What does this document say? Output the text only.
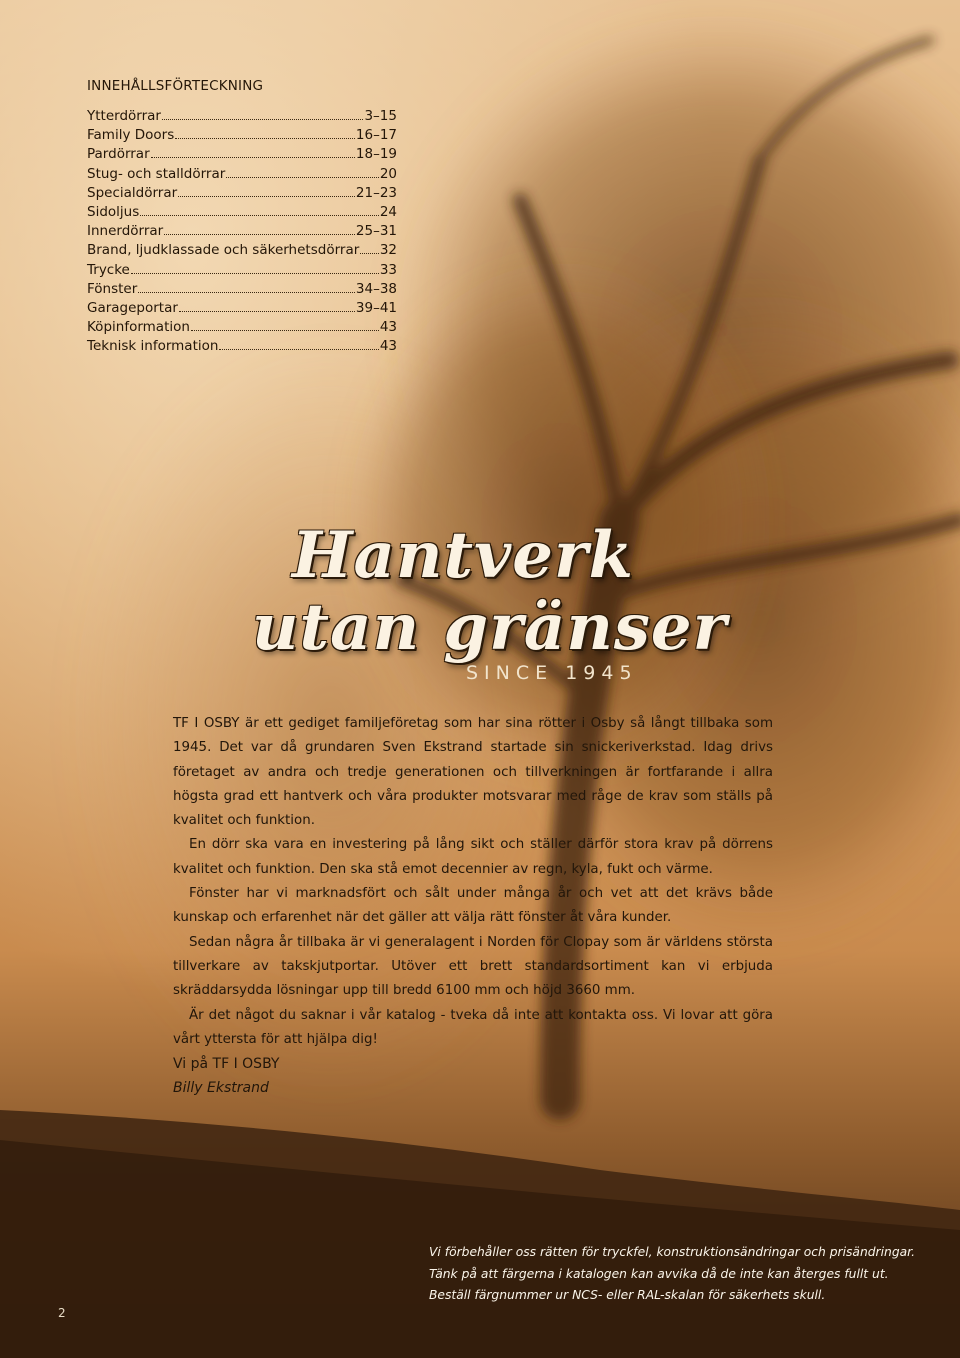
INNEHÅLLSFÖRTECKNING
Ytterdörrar	3–15
Family Doors	16–17
Pardörrar	18–19
Stug- och stalldörrar	20
Specialdörrar	21–23
Sidoljus	24
Innerdörrar	25–31
Brand, ljudklassade och säkerhetsdörrar 32
Trycke	33
Fönster	34–38
Garageportar	39–41
Köpinformation	43
Teknisk information	43
Hantverk
utan gränser
SINCE 1945

TF I OSBY är ett gediget familjeföretag som har sina rötter i Osby så långt tillbaka som 1945. Det var då grundaren Sven Ekstrand startade sin snickeriverkstad. Idag drivs företaget av andra och tredje generationen och tillverkningen är fortfarande i allra högsta grad ett hantverk och våra produkter motsvarar med råge de krav som ställs på kvalitet och funktion.

En dörr ska vara en investering på lång sikt och ställer därför stora krav på dörrens kvalitet och funktion. Den ska stå emot decennier av regn, kyla, fukt och värme.

Fönster har vi marknadsfört och sålt under många år och vet att det krävs både kunskap och erfarenhet när det gäller att välja rätt fönster åt våra kunder.

Sedan några år tillbaka är vi generalagent i Norden för Clopay som är världens största tillverkare av takskjutportar. Utöver ett brett standardsortiment kan vi erbjuda skräddarsydda lösningar upp till bredd 6100 mm och höjd 3660 mm.

Är det något du saknar i vår katalog - tveka då inte att kontakta oss. Vi lovar att göra vårt yttersta för att hjälpa dig!

Vi på TF I OSBY
Billy Ekstrand
Vi förbehåller oss rätten för tryckfel, konstruktionsändringar och prisändringar.
Tänk på att färgerna i katalogen kan avvika då de inte kan återges fullt ut.
Beställ färgnummer ur NCS- eller RAL-skalan för säkerhets skull.
2
